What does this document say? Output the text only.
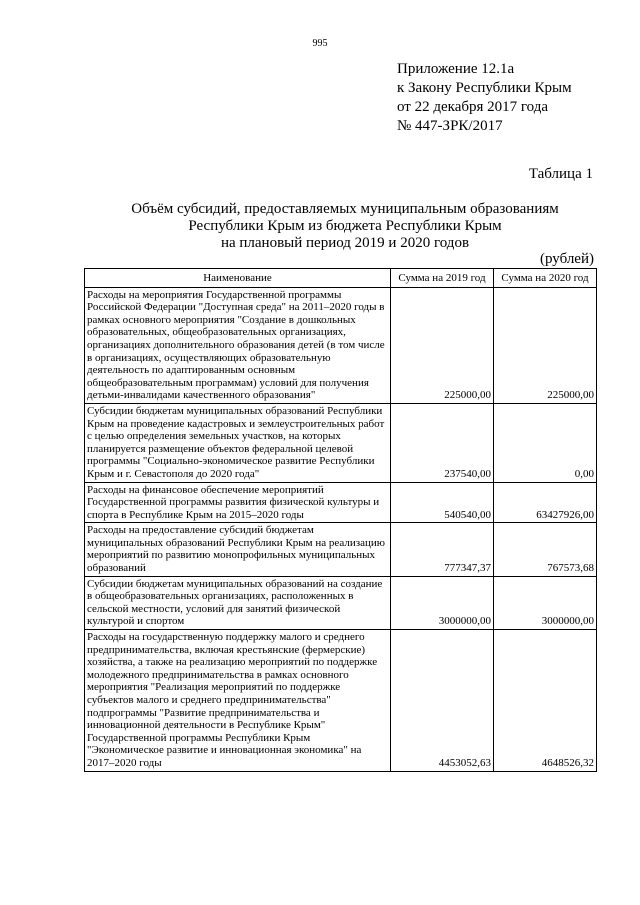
995
Приложение 12.1а
к Закону Республики Крым
от 22 декабря 2017 года
№ 447-ЗРК/2017
Таблица 1
Объём субсидий, предоставляемых муниципальным образованиям
Республики Крым из бюджета Республики Крым
на плановый период 2019 и 2020 годов
(рублей)
Наименование	Сумма на 2019 год	Сумма на 2020 год
Расходы на мероприятия Государственной программы Российской Федерации "Доступная среда" на 2011–2020 годы в рамках основного мероприятия "Создание в дошкольных образовательных, общеобразовательных организациях, организациях дополнительного образования детей (в том числе в организациях, осуществляющих образовательную деятельность по адаптированным основным общеобразовательным программам) условий для получения детьми-инвалидами качественного образования"	225000,00	225000,00
Субсидии бюджетам муниципальных образований Республики Крым на проведение кадастровых и землеустроительных работ с целью определения земельных участков, на которых планируется размещение объектов федеральной целевой программы "Социально-экономическое развитие Республики Крым и г. Севастополя до 2020 года"	237540,00	0,00
Расходы на финансовое обеспечение мероприятий Государственной программы развития физической культуры и спорта в Республике Крым на 2015–2020 годы	540540,00	63427926,00
Расходы на предоставление субсидий бюджетам муниципальных образований Республики Крым на реализацию мероприятий по развитию монопрофильных муниципальных образований	777347,37	767573,68
Субсидии бюджетам муниципальных образований на создание в общеобразовательных организациях, расположенных в сельской местности, условий для занятий физической культурой и спортом	3000000,00	3000000,00
Расходы на государственную поддержку малого и среднего предпринимательства, включая крестьянские (фермерские) хозяйства, а также на реализацию мероприятий по поддержке молодежного предпринимательства в рамках основного мероприятия "Реализация мероприятий по поддержке субъектов малого и среднего предпринимательства" подпрограммы "Развитие предпринимательства и инновационной деятельности в Республике Крым" Государственной программы Республики Крым "Экономическое развитие и инновационная экономика" на 2017–2020 годы	4453052,63	4648526,32
